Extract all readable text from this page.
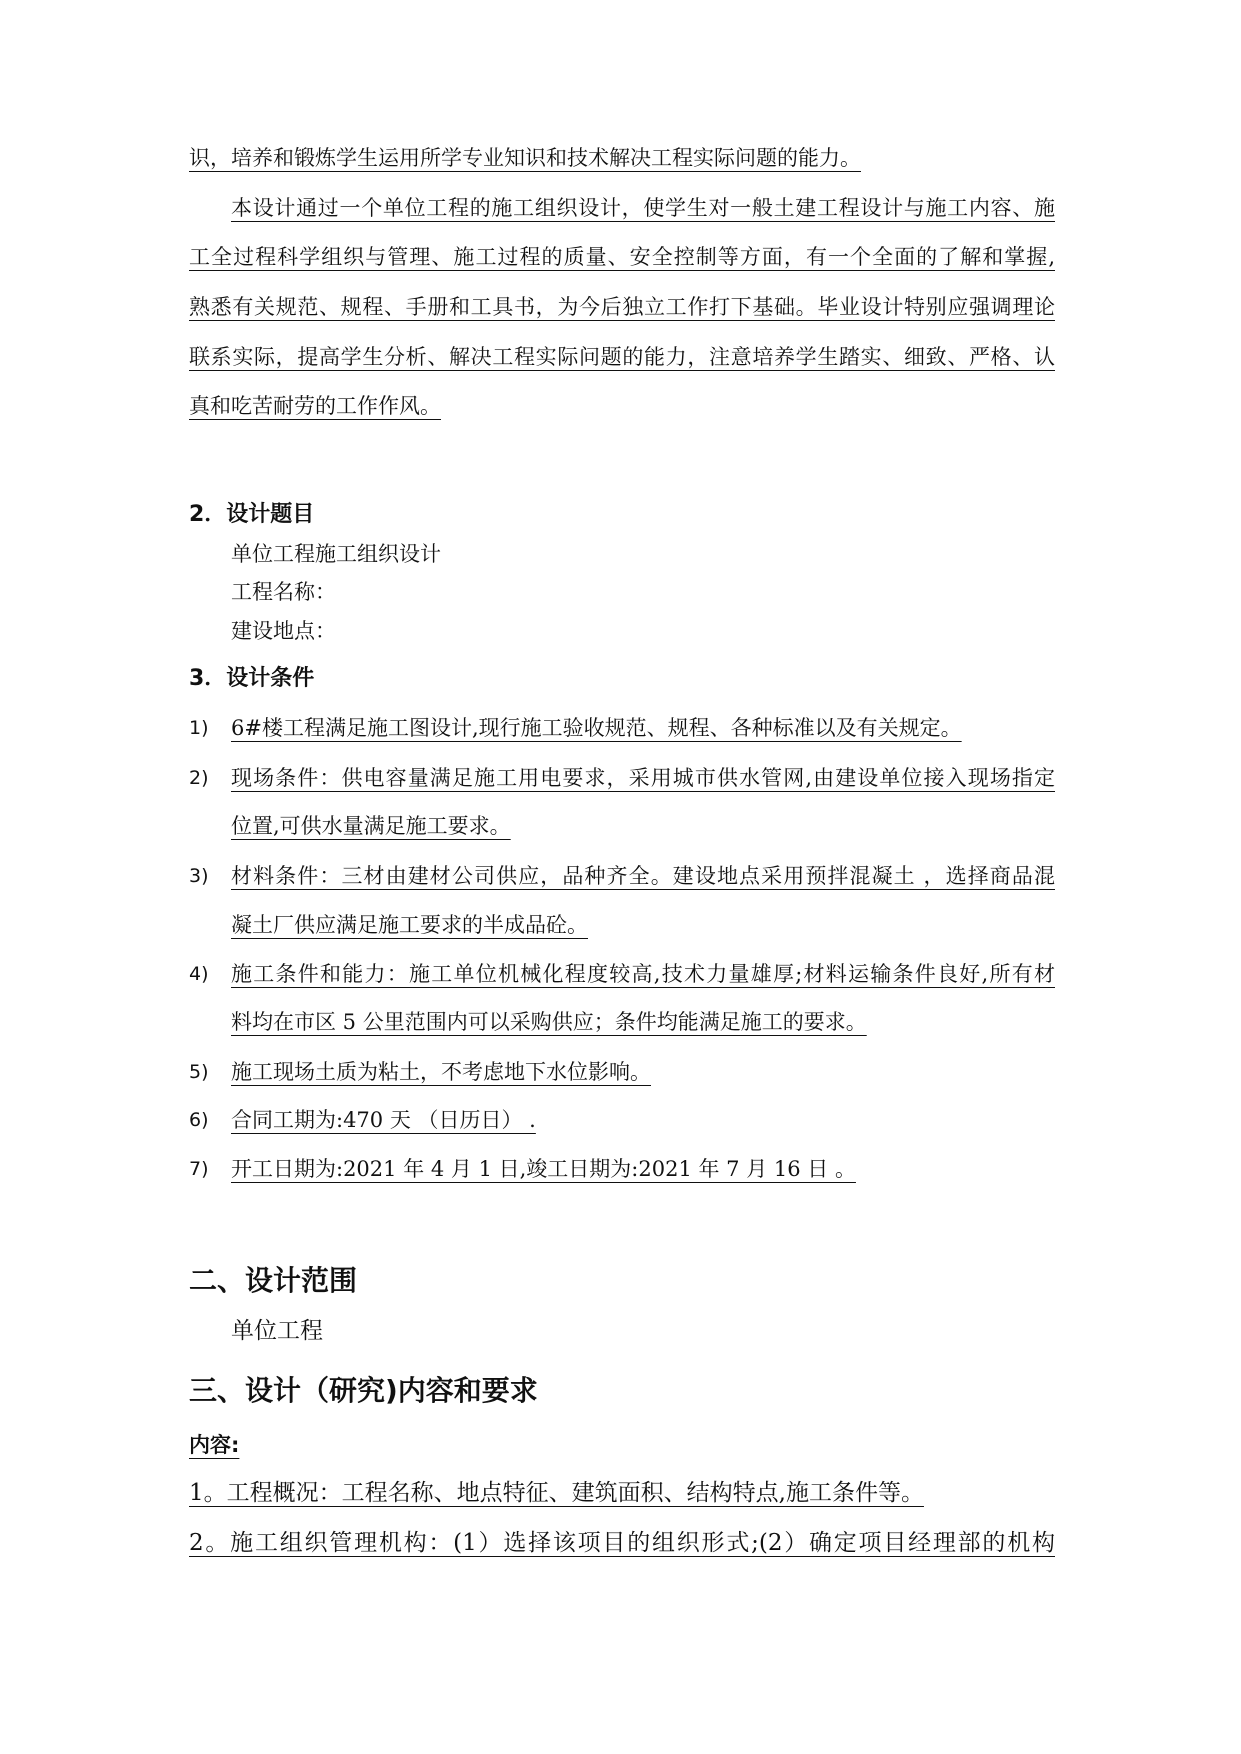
识，培养和锻炼学生运用所学专业知识和技术解决工程实际问题的能力。
本设计通过一个单位工程的施工组织设计，使学生对一般土建工程设计与施工内容、施
工全过程科学组织与管理、施工过程的质量、安全控制等方面，有一个全面的了解和掌握,
熟悉有关规范、规程、手册和工具书，为今后独立工作打下基础。毕业设计特别应强调理论
联系实际，提高学生分析、解决工程实际问题的能力，注意培养学生踏实、细致、严格、认
真和吃苦耐劳的工作作风。
2．设计题目
单位工程施工组织设计
工程名称：
建设地点：
3．设计条件
1) 6#楼工程满足施工图设计,现行施工验收规范、规程、各种标准以及有关规定。
2) 现场条件：供电容量满足施工用电要求，采用城市供水管网,由建设单位接入现场指定
位置,可供水量满足施工要求。
3) 材料条件：三材由建材公司供应，品种齐全。建设地点采用预拌混凝土 ，选择商品混
凝土厂供应满足施工要求的半成品砼。
4) 施工条件和能力：施工单位机械化程度较高,技术力量雄厚;材料运输条件良好,所有材
料均在市区 5 公里范围内可以采购供应；条件均能满足施工的要求。
5) 施工现场土质为粘土，不考虑地下水位影响。
6) 合同工期为:470 天 （日历日） .
7) 开工日期为:2021 年 4 月 1 日,竣工日期为:2021 年 7 月 16 日 。
二、设计范围
单位工程
三、设计（研究)内容和要求
内容:
1。工程概况：工程名称、地点特征、建筑面积、结构特点,施工条件等。
2。施工组织管理机构：(1）选择该项目的组织形式;(2）确定项目经理部的机构
